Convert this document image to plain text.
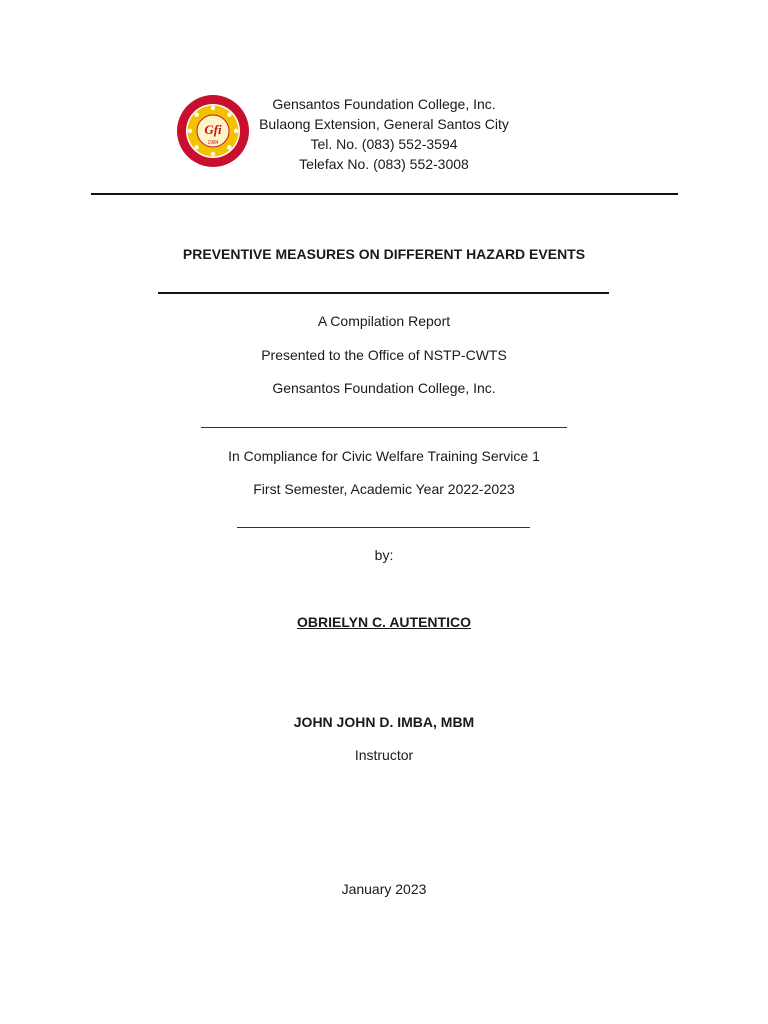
Gfi
1984
Gensantos Foundation College, Inc.
Bulaong Extension, General Santos City
Tel. No. (083) 552-3594
Telefax No. (083) 552-3008
PREVENTIVE MEASURES ON DIFFERENT HAZARD EVENTS
A Compilation Report
Presented to the Office of NSTP-CWTS
Gensantos Foundation College, Inc.
In Compliance for Civic Welfare Training Service 1
First Semester, Academic Year 2022-2023
by:
OBRIELYN C. AUTENTICO
JOHN JOHN D. IMBA, MBM
Instructor
January 2023
